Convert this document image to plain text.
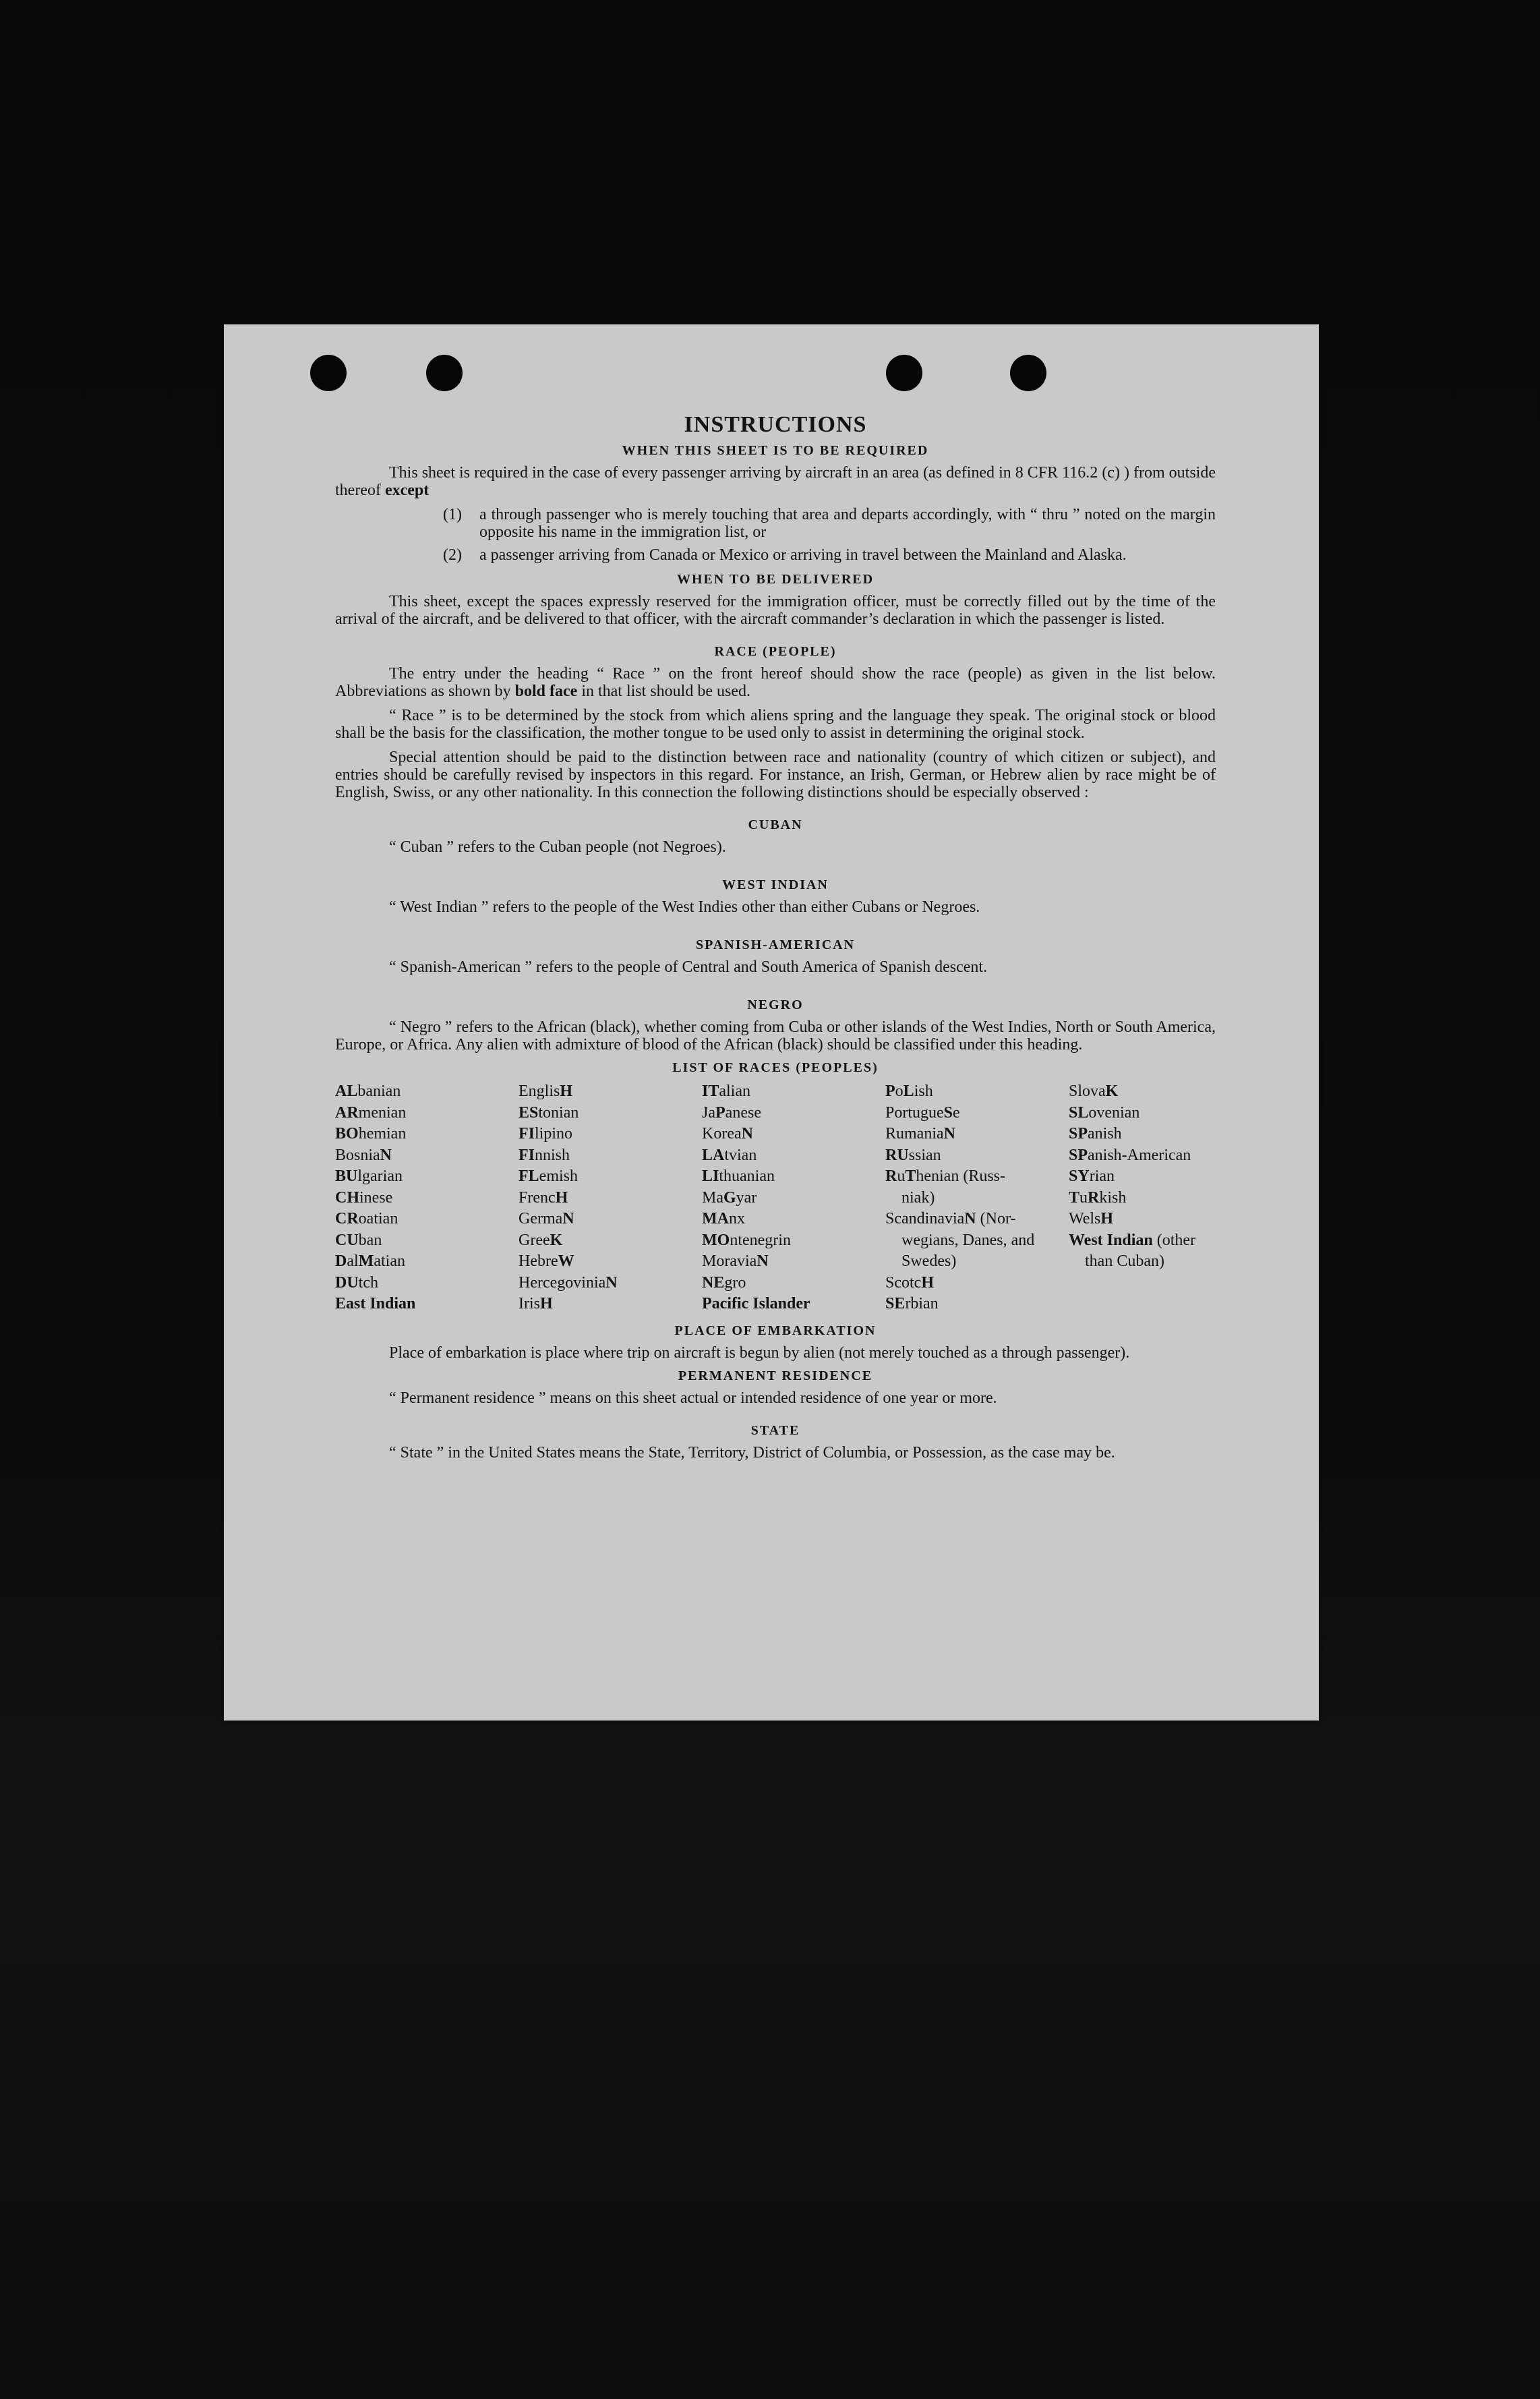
INSTRUCTIONS
WHEN THIS SHEET IS TO BE REQUIRED

This sheet is required in the case of every passenger arriving by aircraft in an area (as defined in 8 CFR 116.2 (c) ) from outside thereof except

(1)	a through passenger who is merely touching that area and departs accordingly, with “ thru ” noted on the margin opposite his name in the immigration list, or
(2)	a passenger arriving from Canada or Mexico or arriving in travel between the Mainland and Alaska.
WHEN TO BE DELIVERED

This sheet, except the spaces expressly reserved for the immigration officer, must be correctly filled out by the time of the arrival of the aircraft, and be delivered to that officer, with the aircraft commander’s declaration in which the passenger is listed.

RACE (PEOPLE)

The entry under the heading “ Race ” on the front hereof should show the race (people) as given in the list below. Abbreviations as shown by bold face in that list should be used.

“ Race ” is to be determined by the stock from which aliens spring and the language they speak. The original stock or blood shall be the basis for the classification, the mother tongue to be used only to assist in determining the original stock.

Special attention should be paid to the distinction between race and nationality (country of which citizen or subject), and entries should be carefully revised by inspectors in this regard. For instance, an Irish, German, or Hebrew alien by race might be of English, Swiss, or any other nationality. In this connection the following distinctions should be especially observed :

CUBAN

“ Cuban ” refers to the Cuban people (not Negroes).

WEST INDIAN

“ West Indian ” refers to the people of the West Indies other than either Cubans or Negroes.

SPANISH-AMERICAN

“ Spanish-American ” refers to the people of Central and South America of Spanish descent.

NEGRO

“ Negro ” refers to the African (black), whether coming from Cuba or other islands of the West Indies, North or South America, Europe, or Africa. Any alien with admixture of blood of the African (black) should be classified under this heading.

LIST OF RACES (PEOPLES)
ALbanian
ARmenian
BOhemian
BosniaN
BUlgarian
CHinese
CRoatian
CUban
DalMatian
DUtch
East Indian
EnglisH
EStonian
FIlipino
FInnish
FLemish
FrencH
GermaN
GreeK
HebreW
HercegoviniaN
IrisH
ITalian
JaPanese
KoreaN
LAtvian
LIthuanian
MaGyar
MAnx
MOntenegrin
MoraviaN
NEgro
Pacific Islander
PoLish
PortugueSe
RumaniaN
RUssian
RuThenian (Russ-
niak)
ScandinaviaN (Nor-
wegians, Danes, and Swedes)
ScotcH
SErbian
SlovaK
SLovenian
SPanish
SPanish-American
SYrian
TuRkish
WelsH
West Indian (other
than Cuban)
PLACE OF EMBARKATION

Place of embarkation is place where trip on aircraft is begun by alien (not merely touched as a through passenger).

PERMANENT RESIDENCE

“ Permanent residence ” means on this sheet actual or intended residence of one year or more.

STATE

“ State ” in the United States means the State, Territory, District of Columbia, or Possession, as the case may be.
